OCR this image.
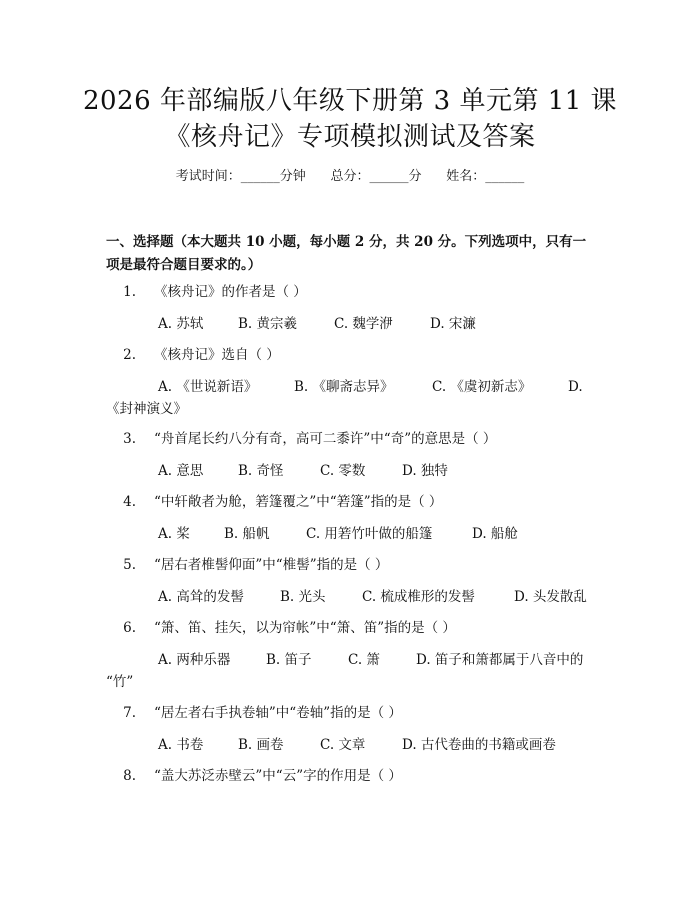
2026 年部编版八年级下册第 3 单元第 11 课
《核舟记》专项模拟测试及答案
考试时间：______分钟      总分：______分      姓名：______
一、选择题（本大题共 10 小题，每小题 2 分，共 20 分。下列选项中，只有一项是最符合题目要求的。）
1. 《核舟记》的作者是（ ）
A. 苏轼	B. 黄宗羲	C. 魏学洢	D. 宋濂
2. 《核舟记》选自（ ）
A. 《世说新语》	B. 《聊斋志异》	C. 《虞初新志》	D.
《封神演义》
3. “舟首尾长约八分有奇，高可二黍许”中“奇”的意思是（ ）
A. 意思	B. 奇怪	C. 零数	D. 独特
4. “中轩敞者为舱，箬篷覆之”中“箬篷”指的是（ ）
A. 桨	B. 船帆	C. 用箬竹叶做的船篷	D. 船舱
5. “居右者椎髻仰面”中“椎髻”指的是（ ）
A. 高耸的发髻	B. 光头	C. 梳成椎形的发髻	D. 头发散乱
6. “箫、笛、挂矢，以为帘帐”中“箫、笛”指的是（ ）
A. 两种乐器	B. 笛子	C. 箫	D. 笛子和箫都属于八音中的
“竹”
7. “居左者右手执卷轴”中“卷轴”指的是（ ）
A. 书卷	B. 画卷	C. 文章	D. 古代卷曲的书籍或画卷
8. “盖大苏泛赤壁云”中“云”字的作用是（ ）
